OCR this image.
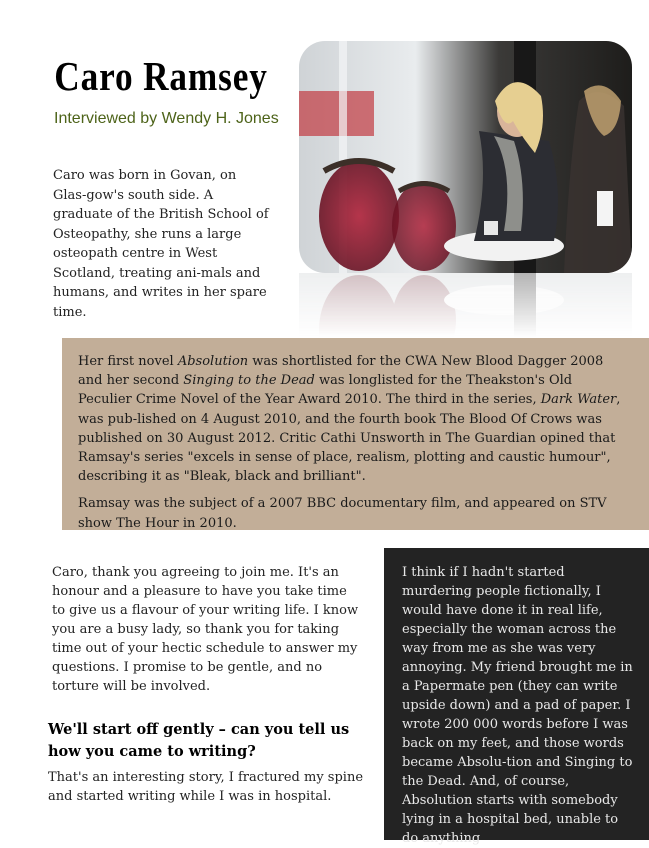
Caro Ramsey
Interviewed by Wendy H. Jones

Caro was born in Govan, on Glas-gow's south side. A graduate of the British School of Osteopathy, she runs a large osteopath centre in West Scotland, treating ani-mals and humans, and writes in her spare time.

Her first novel Absolution was shortlisted for the CWA New Blood Dagger 2008 and her second Singing to the Dead was longlisted for the Theakston's Old Peculier Crime Novel of the Year Award 2010. The third in the series, Dark Water, was pub-lished on 4 August 2010, and the fourth book The Blood Of Crows was published on 30 August 2012. Critic Cathi Unsworth in The Guardian opined that Ramsay's series "excels in sense of place, realism, plotting and caustic humour", describing it as "Bleak, black and brilliant".

Ramsay was the subject of a 2007 BBC documentary film, and appeared on STV show The Hour in 2010.

Caro, thank you agreeing to join me. It's an honour and a pleasure to have you take time to give us a flavour of your writing life. I know you are a busy lady, so thank you for taking time out of your hectic schedule to answer my questions. I promise to be gentle, and no torture will be involved.

We'll start off gently – can you tell us how you came to writing?

That's an interesting story, I fractured my spine and started writing while I was in hospital.

I think if I hadn't started murdering people fictionally, I would have done it in real life, especially the woman across the way from me as she was very annoying. My friend brought me in a Papermate pen (they can write upside down) and a pad of paper. I wrote 200 000 words before I was back on my feet, and those words became Absolu-tion and Singing to the Dead. And, of course, Absolution starts with somebody lying in a hospital bed, unable to do anything
